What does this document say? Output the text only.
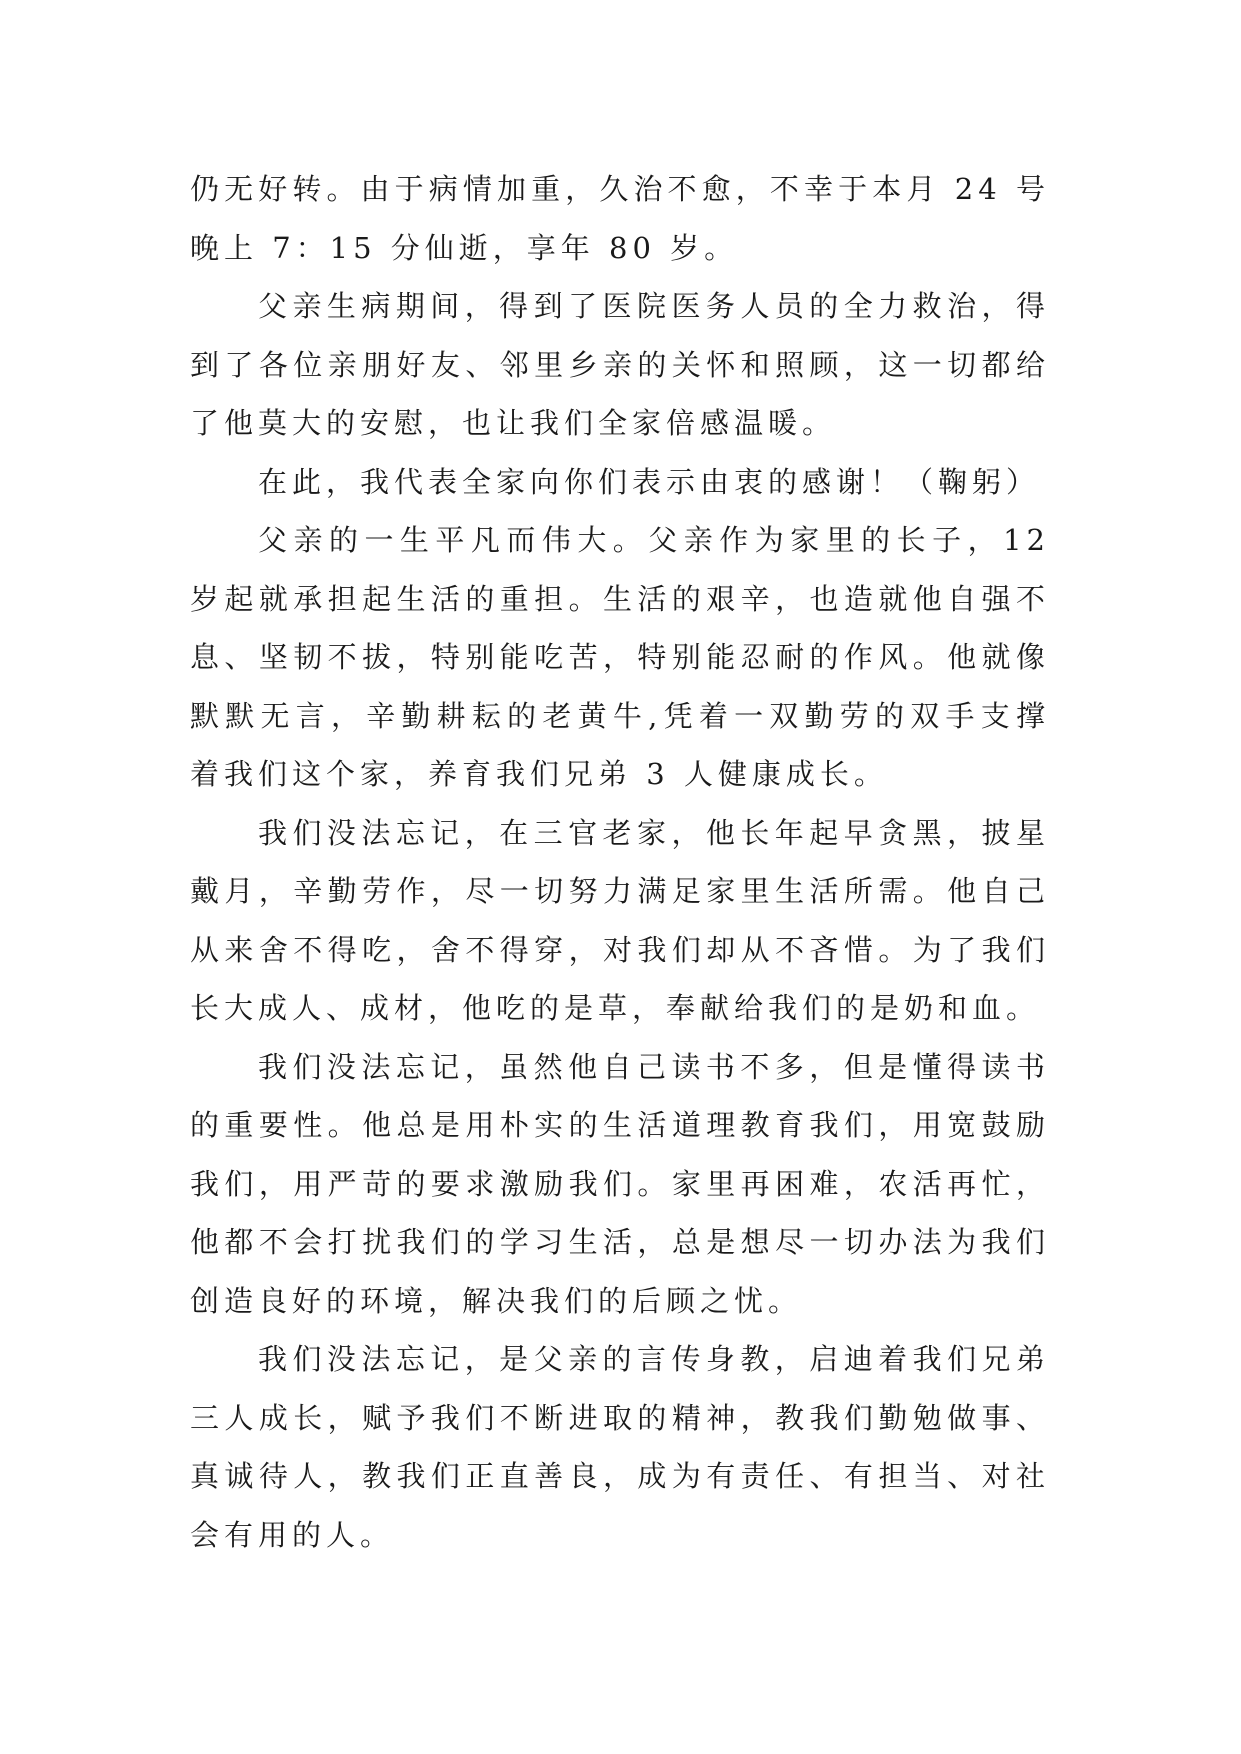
仍无好转。由于病情加重，久治不愈，不幸于本月 24 号晚上 7：15 分仙逝，享年 80 岁。

父亲生病期间，得到了医院医务人员的全力救治，得到了各位亲朋好友、邻里乡亲的关怀和照顾，这一切都给了他莫大的安慰，也让我们全家倍感温暖。

在此，我代表全家向你们表示由衷的感谢！（鞠躬）

父亲的一生平凡而伟大。父亲作为家里的长子，12 岁起就承担起生活的重担。生活的艰辛，也造就他自强不息、坚韧不拔，特别能吃苦，特别能忍耐的作风。他就像默默无言，辛勤耕耘的老黄牛,凭着一双勤劳的双手支撑着我们这个家，养育我们兄弟 3 人健康成长。

我们没法忘记，在三官老家，他长年起早贪黑，披星戴月，辛勤劳作，尽一切努力满足家里生活所需。他自己从来舍不得吃，舍不得穿，对我们却从不吝惜。为了我们长大成人、成材，他吃的是草，奉献给我们的是奶和血。

我们没法忘记，虽然他自己读书不多，但是懂得读书的重要性。他总是用朴实的生活道理教育我们，用宽鼓励我们，用严苛的要求激励我们。家里再困难，农活再忙，他都不会打扰我们的学习生活，总是想尽一切办法为我们创造良好的环境，解决我们的后顾之忧。

我们没法忘记，是父亲的言传身教，启迪着我们兄弟三人成长，赋予我们不断进取的精神，教我们勤勉做事、真诚待人，教我们正直善良，成为有责任、有担当、对社会有用的人。
